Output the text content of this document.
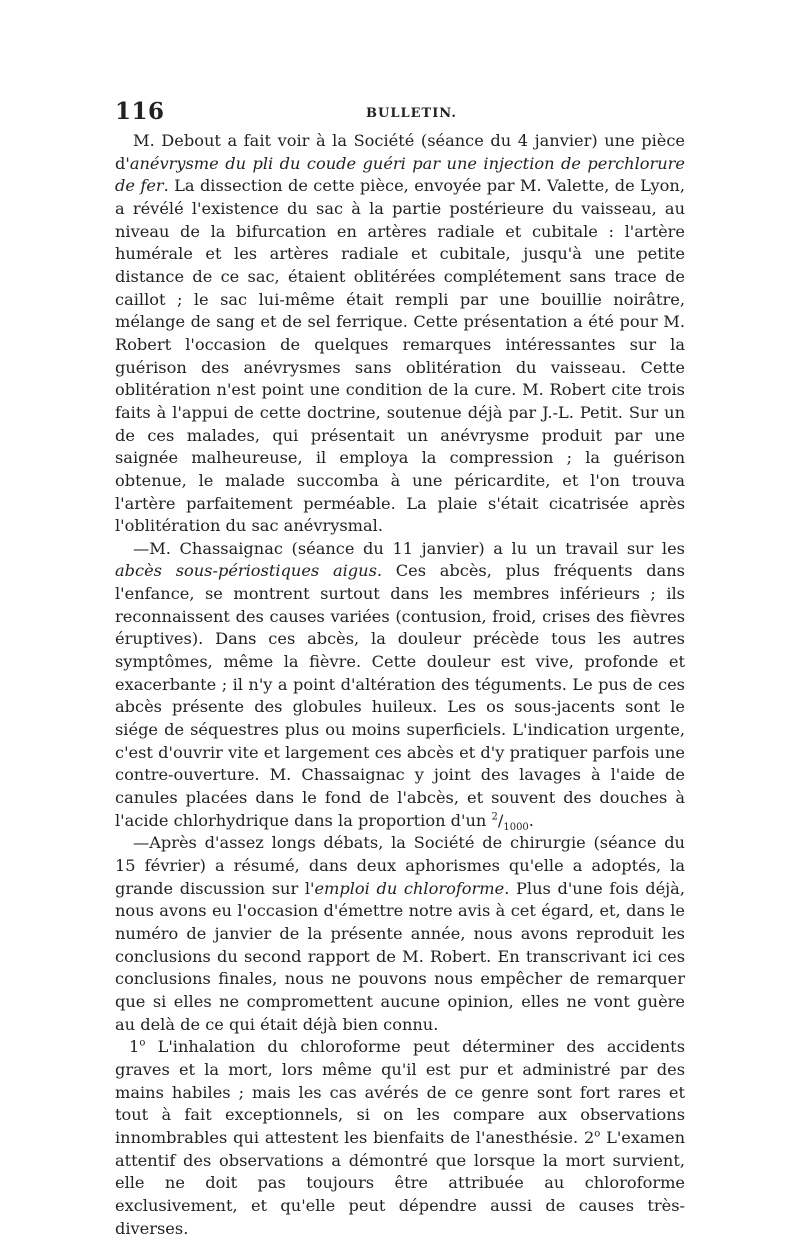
116	BULLETIN.

M. Debout a fait voir à la Société (séance du 4 janvier) une pièce d'anévrysme du pli du coude guéri par une injection de perchlorure de fer. La dissection de cette pièce, envoyée par M. Valette, de Lyon, a révélé l'existence du sac à la partie postérieure du vaisseau, au niveau de la bifurcation en artères radiale et cubitale : l'artère humérale et les artères radiale et cubitale, jusqu'à une petite distance de ce sac, étaient oblitérées complétement sans trace de caillot ; le sac lui-même était rempli par une bouillie noirâtre, mélange de sang et de sel ferrique. Cette présentation a été pour M. Robert l'occasion de quelques remarques intéressantes sur la guérison des anévrysmes sans oblitération du vaisseau. Cette oblitération n'est point une condition de la cure. M. Robert cite trois faits à l'appui de cette doctrine, soutenue déjà par J.-L. Petit. Sur un de ces malades, qui présentait un anévrysme produit par une saignée malheureuse, il employa la compression ; la guérison obtenue, le malade succomba à une péricardite, et l'on trouva l'artère parfaitement perméable. La plaie s'était cicatrisée après l'oblitération du sac anévrysmal.

—M. Chassaignac (séance du 11 janvier) a lu un travail sur les abcès sous-périostiques aigus. Ces abcès, plus fréquents dans l'enfance, se montrent surtout dans les membres inférieurs ; ils reconnaissent des causes variées (contusion, froid, crises des fièvres éruptives). Dans ces abcès, la douleur précède tous les autres symptômes, même la fièvre. Cette douleur est vive, profonde et exacerbante ; il n'y a point d'altération des téguments. Le pus de ces abcès présente des globules huileux. Les os sous-jacents sont le siége de séquestres plus ou moins superficiels. L'indication urgente, c'est d'ouvrir vite et largement ces abcès et d'y pratiquer parfois une contre-ouverture. M. Chassaignac y joint des lavages à l'aide de canules placées dans le fond de l'abcès, et souvent des douches à l'acide chlorhydrique dans la proportion d'un $^2/_{1000}$.

—Après d'assez longs débats, la Société de chirurgie (séance du 15 février) a résumé, dans deux aphorismes qu'elle a adoptés, la grande discussion sur l'emploi du chloroforme. Plus d'une fois déjà, nous avons eu l'occasion d'émettre notre avis à cet égard, et, dans le numéro de janvier de la présente année, nous avons reproduit les conclusions du second rapport de M. Robert. En transcrivant ici ces conclusions finales, nous ne pouvons nous empêcher de remarquer que si elles ne compromettent aucune opinion, elles ne vont guère au delà de ce qui était déjà bien connu.

1$^o$ L'inhalation du chloroforme peut déterminer des accidents graves et la mort, lors même qu'il est pur et administré par des mains habiles ; mais les cas avérés de ce genre sont fort rares et tout à fait exceptionnels, si on les compare aux observations innombrables qui attestent les bienfaits de l'anesthésie. 2$^o$ L'examen attentif des observations a démontré que lorsque la mort survient, elle ne doit pas toujours être attribuée au chloroforme exclusivement, et qu'elle peut dépendre aussi de causes très-diverses.
